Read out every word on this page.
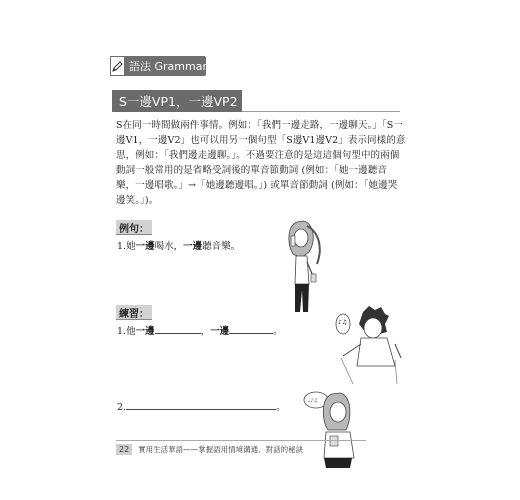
語法 Grammar
S一邊VP1，一邊VP2
S在同一時間做兩件事情。例如：「我們一邊走路，一邊聊天。」「S一邊V1，一邊V2」也可以用另一個句型「S邊V1邊V2」表示同樣的意思，例如：「我們邊走邊聊。」。不過要注意的是這這個句型中的兩個動詞一般常用的是省略受詞後的單音節動詞 (例如：「她一邊聽音樂，一邊唱歌。」→「她邊聽邊唱。」) 或單音節動詞 (例如：「她邊哭邊笑。」)。
例句：
1.她一邊喝水，一邊聽音樂。
練習：
1.他一邊	，一邊	。
2.	。
♪♫
♩♪♫
22	實用生活華語——掌握語用情境溝通、對話的秘訣
